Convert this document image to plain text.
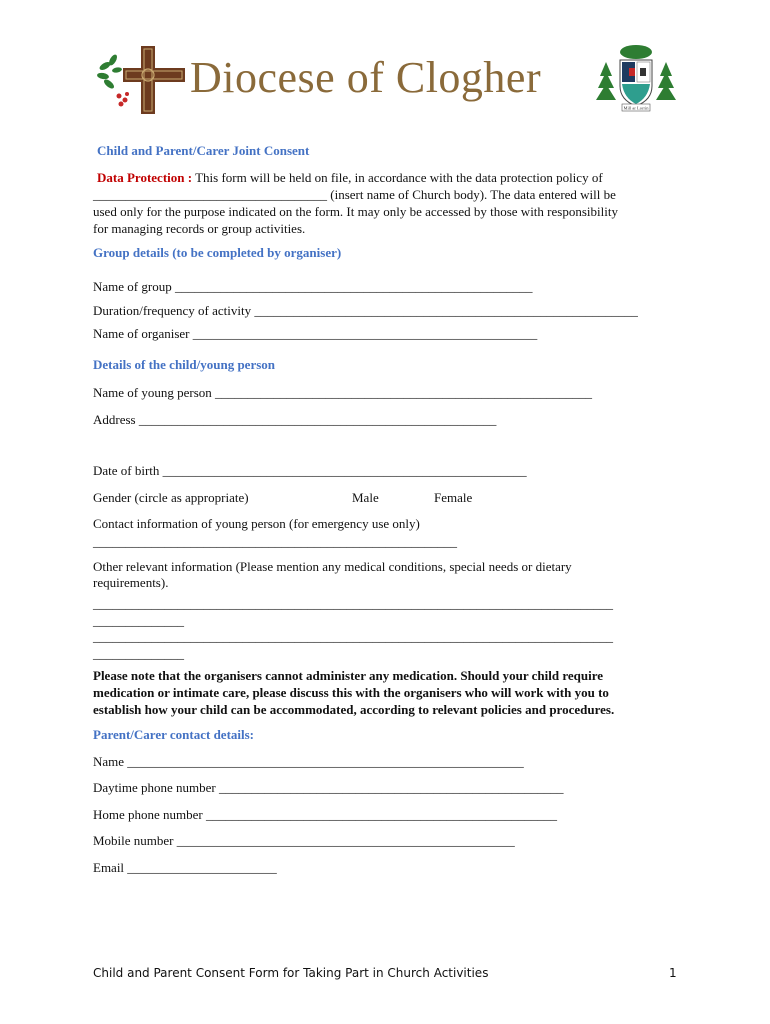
Diocese of Clogher
Mill ar Lorrin
Child and Parent/Carer Joint Consent
Data Protection : This form will be held on file, in accordance with the data protection policy of
____________________________________ (insert name of Church body). The data entered will be
used only for the purpose indicated on the form. It may only be accessed by those with responsibility
for managing records or group activities.
Group details (to be completed by organiser)
Name of group _______________________________________________________
Duration/frequency of activity ___________________________________________________________
Name of organiser _____________________________________________________
Details of the child/young person
Name of young person __________________________________________________________
Address _______________________________________________________
Date of birth ________________________________________________________
Gender (circle as appropriate)	Male	Female
Contact information of young person (for emergency use only)
________________________________________________________
Other relevant information (Please mention any medical conditions, special needs or dietary
requirements).
________________________________________________________________________________
______________
________________________________________________________________________________
______________
Please note that the organisers cannot administer any medication. Should your child require
medication or intimate care, please discuss this with the organisers who will work with you to
establish how your child can be accommodated, according to relevant policies and procedures.
Parent/Carer contact details:
Name _____________________________________________________________
Daytime phone number _____________________________________________________
Home phone number ______________________________________________________
Mobile number ____________________________________________________
Email _______________________
Child and Parent Consent Form for Taking Part in Church Activities	1
